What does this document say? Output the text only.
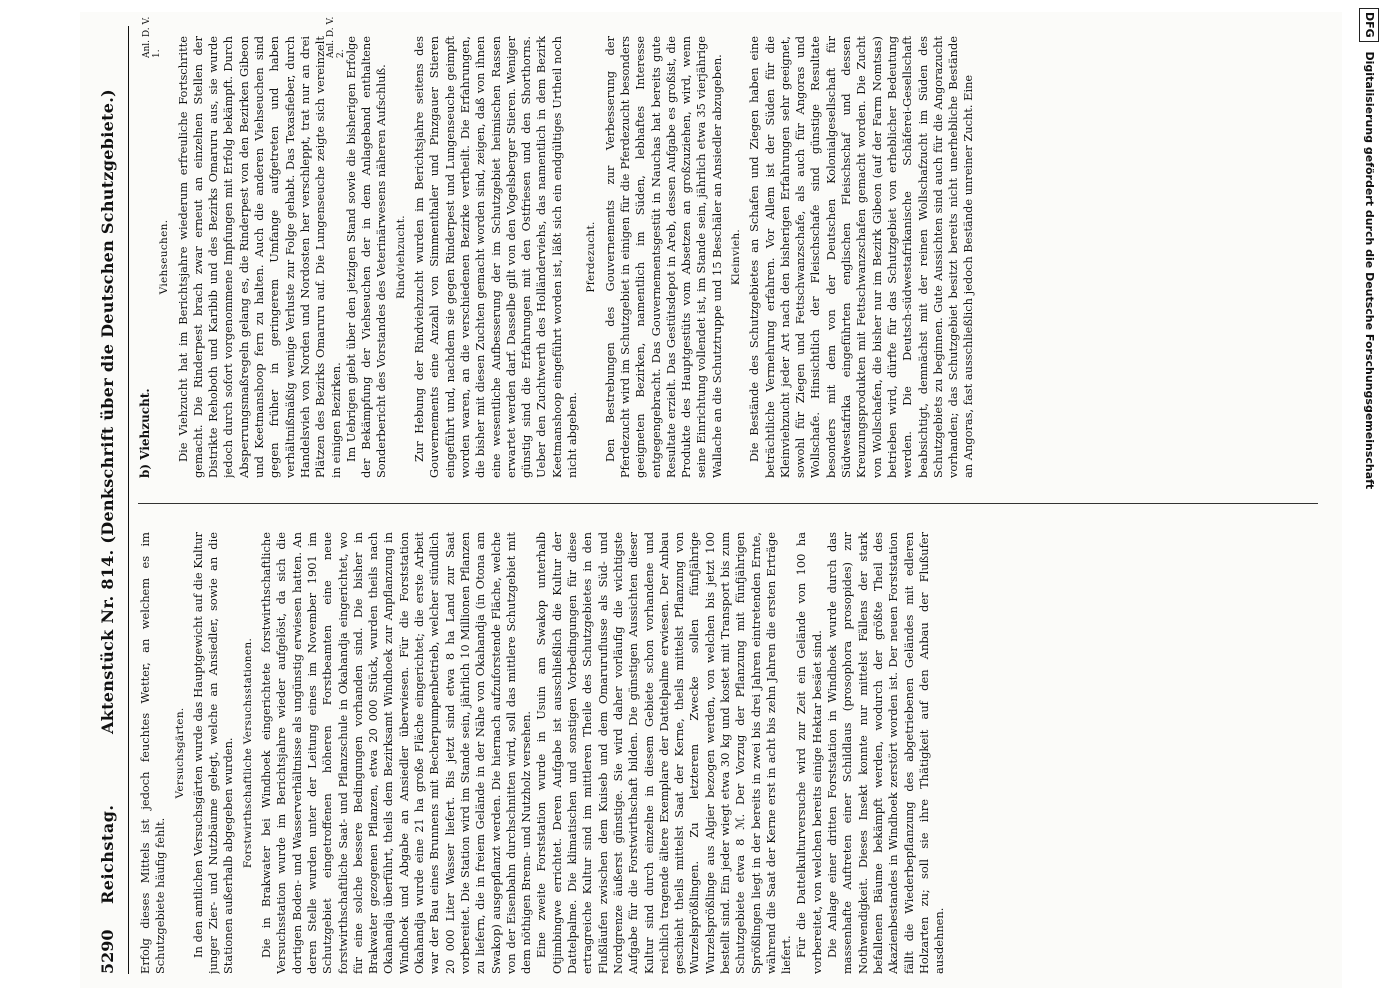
5290
Reichstag.
Aktenstück Nr. 814. (Denkschrift über die Deutschen Schutzgebiete.)

Erfolg dieses Mittels ist jedoch feuchtes Wetter, an welchem es im Schutzgebiete häufig fehlt.

Versuchsgärten. In den amtlichen Versuchsgärten wurde das Hauptgewicht auf die Kultur junger Zier- und Nutzbäume gelegt, welche an Ansiedler, sowie an die Stationen außerhalb abgegeben wurden. Forstwirthschaftliche Versuchsstationen. Die in Brakwater bei Windhoek eingerichtete forstwirthschaftliche Versuchsstation wurde im Berichtsjahre wieder aufgelöst, da sich die dortigen Boden- und Wasserverhältnisse als ungünstig erwiesen hatten. An deren Stelle wurden unter der Leitung eines im November 1901 im Schutzgebiet eingetroffenen höheren Forstbeamten eine neue forstwirthschaftliche Saat- und Pflanzschule in Okahandja eingerichtet, wo für eine solche bessere Bedingungen vorhanden sind. Die bisher in Brakwater gezogenen Pflanzen, etwa 20 000 Stück, wurden theils nach Okahandja überführt, theils dem Bezirksamt Windhoek zur Anpflanzung in Windhoek und Abgabe an Ansiedler überwiesen. Für die Forststation Okahandja wurde eine 21 ha große Fläche eingerichtet; die erste Arbeit war der Bau eines Brunnens mit Becherpumpenbetrieb, welcher stündlich 20 000 Liter Wasser liefert. Bis jetzt sind etwa 8 ha Land zur Saat vorbereitet. Die Station wird im Stande sein, jährlich 10 Millionen Pflanzen zu liefern, die in freiem Gelände in der Nähe von Okahandja (in Otona am Swakop) ausgepflanzt werden. Die hiernach aufzuforstende Fläche, welche von der Eisenbahn durchschnitten wird, soll das mittlere Schutzgebiet mit dem nöthigen Brenn- und Nutzholz versehen. Eine zweite Forststation wurde in Usuin am Swakop unterhalb Otjimbingwe errichtet. Deren Aufgabe ist ausschließlich die Kultur der Dattelpalme. Die klimatischen und sonstigen Vorbedingungen für diese ertragreiche Kultur sind im mittleren Theile des Schutzgebietes in den Flußläufen zwischen dem Kuiseb und dem Omaruruflusse als Süd- und Nordgrenze äußerst günstige. Sie wird daher vorläufig die wichtigste Aufgabe für die Forstwirthschaft bilden. Die günstigen Aussichten dieser Kultur sind durch einzelne in diesem Gebiete schon vorhandene und reichlich tragende ältere Exemplare der Dattelpalme erwiesen. Der Anbau geschieht theils mittelst Saat der Kerne, theils mittelst Pflanzung von Wurzelsprößlingen. Zu letzterem Zwecke sollen fünfjährige Wurzelsprößlinge aus Algier bezogen werden, von welchen bis jetzt 100 bestellt sind. Ein jeder wiegt etwa 30 kg und kostet mit Transport bis zum Schutzgebiete etwa 8 ℳ. Der Vorzug der Pflanzung mit fünfjährigen Sprößlingen liegt in der bereits in zwei bis drei Jahren eintretenden Ernte, während die Saat der Kerne erst in acht bis zehn Jahren die ersten Erträge liefert. Für die Dattelkulturversuche wird zur Zeit ein Gelände von 100 ha vorbereitet, von welchen bereits einige Hektar besäet sind. Die Anlage einer dritten Forststation in Windhoek wurde durch das massenhafte Auftreten einer Schildlaus (prosophora prosopides) zur Nothwendigkeit. Dieses Insekt konnte nur mittelst Fällens der stark befallenen Bäume bekämpft werden, wodurch der größte Theil des Akazienbestandes in Windhoek zerstört worden ist. Der neuen Forststation fällt die Wiederbepflanzung des abgetriebenen Geländes mit edleren Holzarten zu; soll sie ihre Thätigkeit auf den Anbau der Flußufer ausdehnen.

b) Viehzucht.
Viehseuchen. Die Viehzucht hat im Berichtsjahre wiederum erfreuliche Fortschritte gemacht. Die Rinderpest brach zwar erneut an einzelnen Stellen der Distrikte Rehoboth und Karibib und des Bezirks Omaruru aus, sie wurde jedoch durch sofort vorgenommene Impfungen mit Erfolg bekämpft. Durch Absperrungsmaßregeln gelang es, die Rinderpest von den Bezirken Gibeon und Keetmanshoop fern zu halten. Auch die anderen Viehseuchen sind gegen früher in geringerem Umfange aufgetreten und haben verhältnißmäßig wenige Verluste zur Folge gehabt. Das Texasfieber, durch Handelsvieh von Norden und Nordosten her verschleppt, trat nur an drei Plätzen des Bezirks Omaruru auf. Die Lungenseuche zeigte sich vereinzelt in einigen Bezirken. Im Uebrigen giebt über den jetzigen Stand sowie die bisherigen Erfolge der Bekämpfung der Viehseuchen der in dem Anlageband enthaltene Sonderbericht des Vorstandes des Veterinärwesens näheren Aufschluß. Rindviehzucht. Zur Hebung der Rindviehzucht wurden im Berichtsjahre seitens des Gouvernements eine Anzahl von Simmenthaler und Pinzgauer Stieren eingeführt und, nachdem sie gegen Rinderpest und Lungenseuche geimpft worden waren, an die verschiedenen Bezirke vertheilt. Die Erfahrungen, die bisher mit diesen Zuchten gemacht worden sind, zeigen, daß von ihnen eine wesentliche Aufbesserung der im Schutzgebiet heimischen Rassen erwartet werden darf. Dasselbe gilt von den Vogelsberger Stieren. Weniger günstig sind die Erfahrungen mit den Ostfriesen und den Shorthorns. Ueber den Zuchtwerth des Holländerviehs, das namentlich in dem Bezirk Keetmanshoop eingeführt worden ist, läßt sich ein endgültiges Urtheil noch nicht abgeben.

Pferdezucht. Den Bestrebungen des Gouvernements zur Verbesserung der Pferdezucht wird im Schutzgebiet in einigen für die Pferdezucht besonders geeigneten Bezirken, namentlich im Süden, lebhaftes Interesse entgegengebracht. Das Gouvernementsgestüt in Nauchas hat bereits gute Resultate erzielt. Das Gestütsdepot in Areb, dessen Aufgabe es großist, die Produkte des Hauptgestüts vom Absetzen an großzuziehen, wird, wenn seine Einrichtung vollendet ist, im Stande sein, jährlich etwa 35 vierjährige Wallache an die Schutztruppe und 15 Beschäler an Ansiedler abzugeben. Kleinvieh. Die Bestände des Schutzgebietes an Schafen und Ziegen haben eine beträchtliche Vermehrung erfahren. Vor Allem ist der Süden für die Kleinviehzucht jeder Art nach den bisherigen Erfahrungen sehr geeignet, sowohl für Ziegen und Fettschwanzschafe, als auch für Angoras und Wollschafe. Hinsichtlich der Fleischschafe sind günstige Resultate besonders mit dem von der Deutschen Kolonialgesellschaft für Südwestafrika eingeführten englischen Fleischschaf und dessen Kreuzungsprodukten mit Fettschwanzschafen gemacht worden. Die Zucht von Wollschafen, die bisher nur im Bezirk Gibeon (auf der Farm Nomtsas) betrieben wird, dürfte für das Schutzgebiet von erheblicher Bedeutung werden. Die Deutsch-südwestafrikanische Schäferei-Gesellschaft beabsichtigt, demnächst mit der reinen Wollschafzucht im Süden des Schutzgebiets zu beginnen. Gute Aussichten sind auch für die Angorazucht vorhanden; das Schutzgebiet besitzt bereits nicht unerhebliche Bestände an Angoras, fast ausschließlich jedoch Bestände unreiner Zucht. Eine

Anl. D. V. 1.	Anl. D. V. 2.
DFG Digitalisierung gefördert durch die Deutsche Forschungsgemeinschaft
